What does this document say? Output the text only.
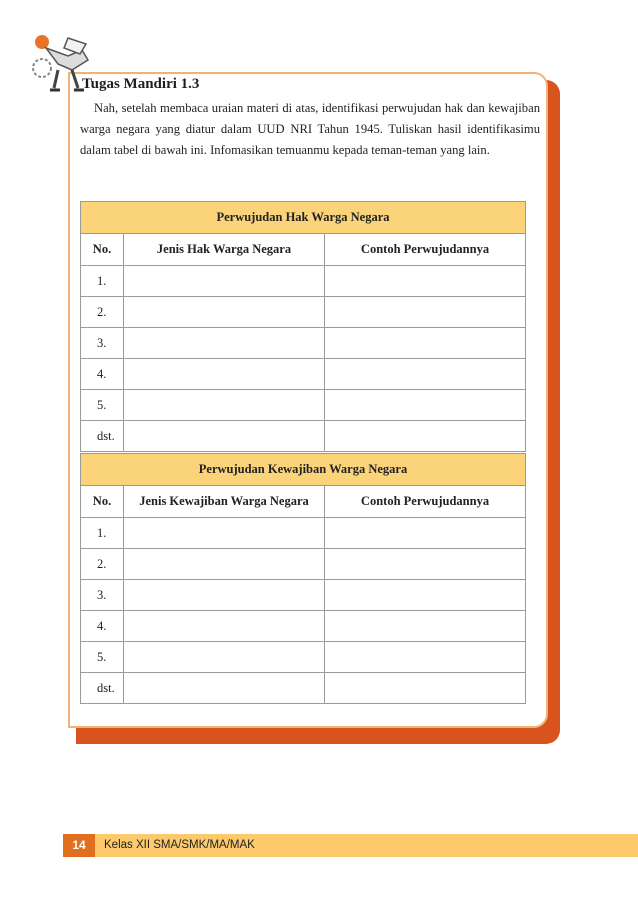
Tugas Mandiri 1.3
Nah, setelah membaca uraian materi di atas, identifikasi perwujudan hak dan kewajiban warga negara yang diatur dalam UUD NRI Tahun 1945. Tuliskan hasil identifikasimu dalam tabel di bawah ini. Infomasikan temuanmu kepada teman-teman yang lain.
Perwujudan Hak Warga Negara		
No.	Jenis Hak Warga Negara	Contoh Perwujudannya
1.		
2.		
3.		
4.		
5.		
dst.		
Perwujudan Kewajiban Warga Negara		
No.	Jenis Kewajiban Warga Negara	Contoh Perwujudannya
1.		
2.		
3.		
4.		
5.		
dst.		
14	Kelas XII SMA/SMK/MA/MAK
